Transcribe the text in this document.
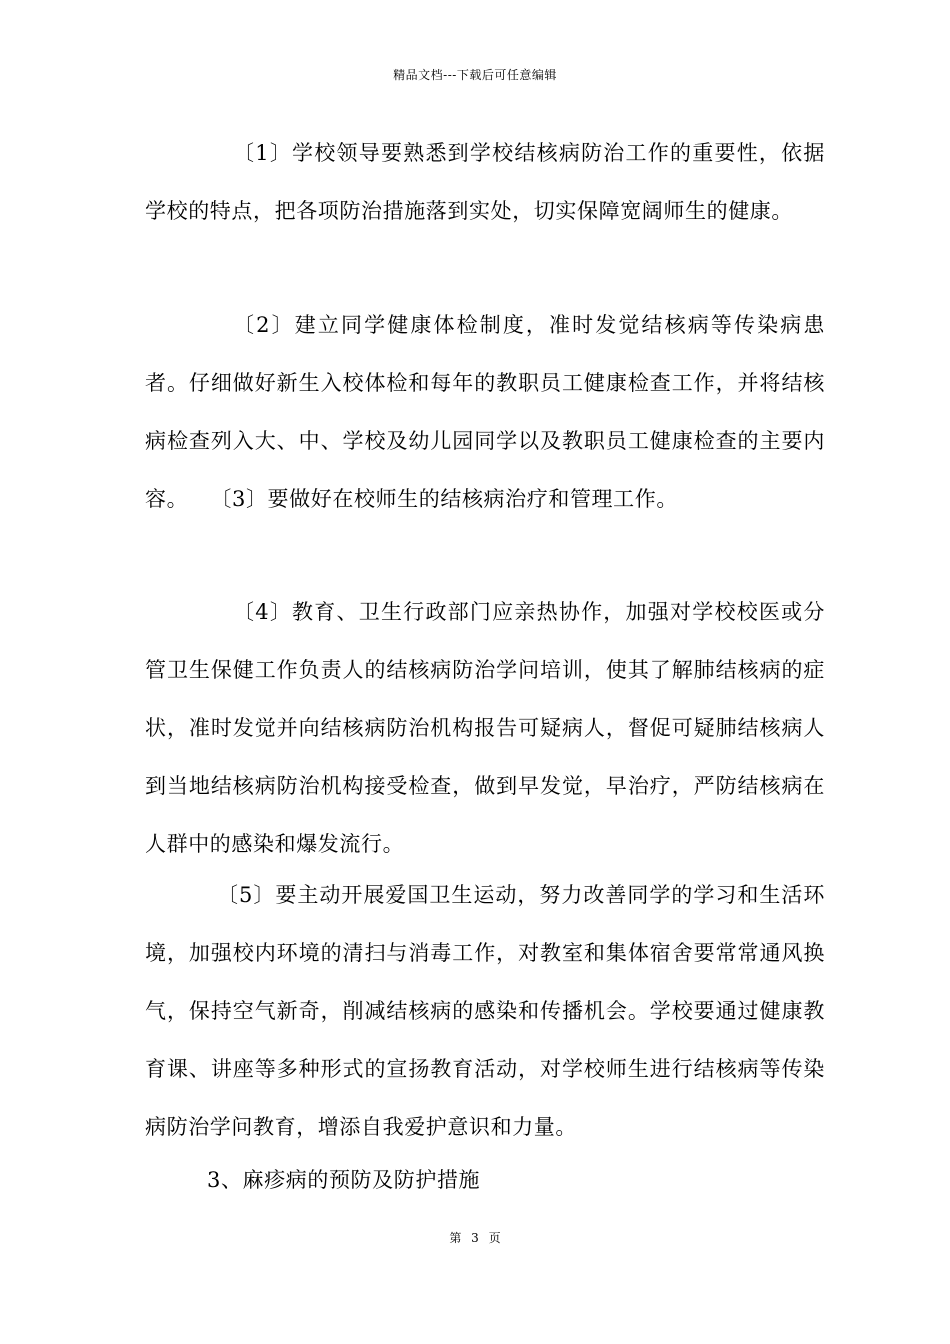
精品文档---下载后可任意编辑

〔1〕学校领导要熟悉到学校结核病防治工作的重要性，依据学校的特点，把各项防治措施落到实处，切实保障宽阔师生的健康。

〔2〕建立同学健康体检制度，准时发觉结核病等传染病患者。仔细做好新生入校体检和每年的教职员工健康检查工作，并将结核病检查列入大、中、学校及幼儿园同学以及教职员工健康检查的主要内容。　　〔3〕要做好在校师生的结核病治疗和管理工作。

〔4〕教育、卫生行政部门应亲热协作，加强对学校校医或分管卫生保健工作负责人的结核病防治学问培训，使其了解肺结核病的症状，准时发觉并向结核病防治机构报告可疑病人，督促可疑肺结核病人到当地结核病防治机构接受检查，做到早发觉，早治疗，严防结核病在人群中的感染和爆发流行。

〔5〕要主动开展爱国卫生运动，努力改善同学的学习和生活环境，加强校内环境的清扫与消毒工作，对教室和集体宿舍要常常通风换气，保持空气新奇，削减结核病的感染和传播机会。学校要通过健康教育课、讲座等多种形式的宣扬教育活动，对学校师生进行结核病等传染病防治学问教育，增添自我爱护意识和力量。

3、麻疹病的预防及防护措施

第 3 页
